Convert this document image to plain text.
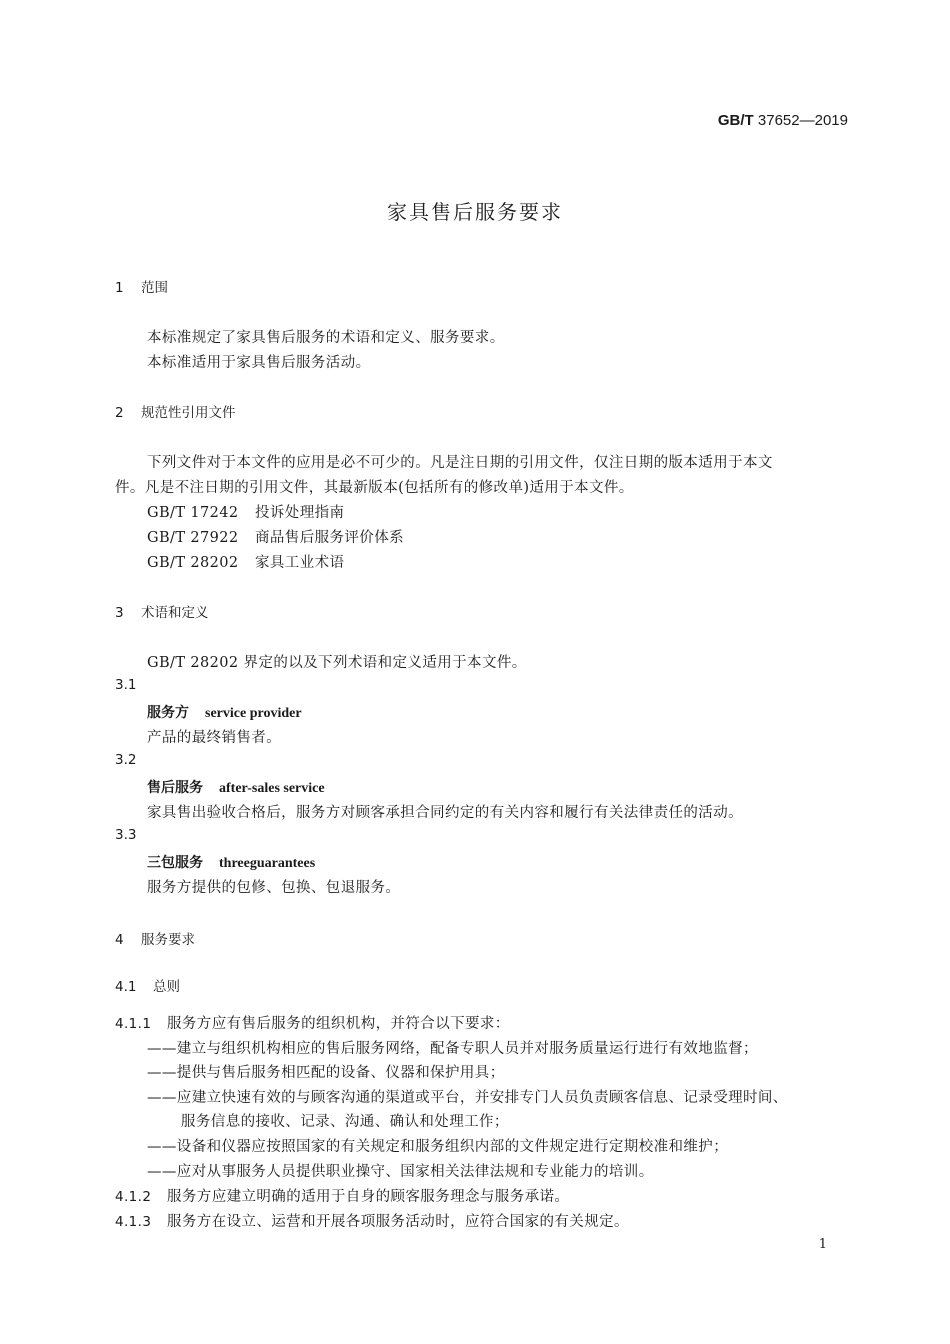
GB/T 37652—2019
家具售后服务要求
1 范围
本标准规定了家具售后服务的术语和定义、服务要求。
本标准适用于家具售后服务活动。
2 规范性引用文件
下列文件对于本文件的应用是必不可少的。凡是注日期的引用文件，仅注日期的版本适用于本文
件。凡是不注日期的引用文件，其最新版本(包括所有的修改单)适用于本文件。
GB/T 17242 投诉处理指南
GB/T 27922 商品售后服务评价体系
GB/T 28202 家具工业术语
3 术语和定义
GB/T 28202 界定的以及下列术语和定义适用于本文件。
3.1
服务方 service provider
产品的最终销售者。
3.2
售后服务 after-sales service
家具售出验收合格后，服务方对顾客承担合同约定的有关内容和履行有关法律责任的活动。
3.3
三包服务 threeguarantees
服务方提供的包修、包换、包退服务。
4 服务要求
4.1 总则
4.1.1 服务方应有售后服务的组织机构，并符合以下要求：
——建立与组织机构相应的售后服务网络，配备专职人员并对服务质量运行进行有效地监督；
——提供与售后服务相匹配的设备、仪器和保护用具；
——应建立快速有效的与顾客沟通的渠道或平台，并安排专门人员负责顾客信息、记录受理时间、
服务信息的接收、记录、沟通、确认和处理工作；
——设备和仪器应按照国家的有关规定和服务组织内部的文件规定进行定期校准和维护；
——应对从事服务人员提供职业操守、国家相关法律法规和专业能力的培训。
4.1.2 服务方应建立明确的适用于自身的顾客服务理念与服务承诺。
4.1.3 服务方在设立、运营和开展各项服务活动时，应符合国家的有关规定。
1
